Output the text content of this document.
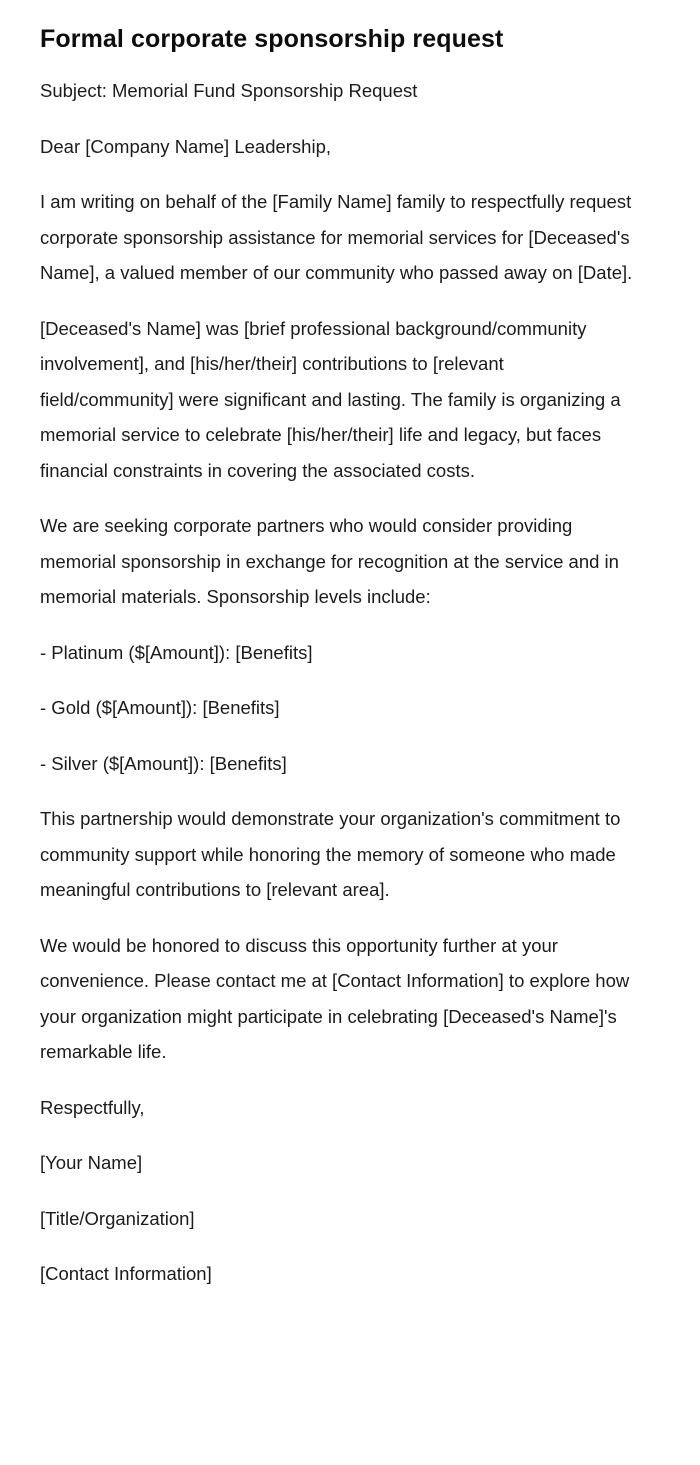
Formal corporate sponsorship request

Subject: Memorial Fund Sponsorship Request

Dear [Company Name] Leadership,

I am writing on behalf of the [Family Name] family to respectfully request corporate sponsorship assistance for memorial services for [Deceased's Name], a valued member of our community who passed away on [Date].

[Deceased's Name] was [brief professional background/community involvement], and [his/her/their] contributions to [relevant field/community] were significant and lasting. The family is organizing a memorial service to celebrate [his/her/their] life and legacy, but faces financial constraints in covering the associated costs.

We are seeking corporate partners who would consider providing memorial sponsorship in exchange for recognition at the service and in memorial materials. Sponsorship levels include:

- Platinum ($[Amount]): [Benefits]

- Gold ($[Amount]): [Benefits]

- Silver ($[Amount]): [Benefits]

This partnership would demonstrate your organization's commitment to community support while honoring the memory of someone who made meaningful contributions to [relevant area].

We would be honored to discuss this opportunity further at your convenience. Please contact me at [Contact Information] to explore how your organization might participate in celebrating [Deceased's Name]'s remarkable life.

Respectfully,

[Your Name]

[Title/Organization]

[Contact Information]
